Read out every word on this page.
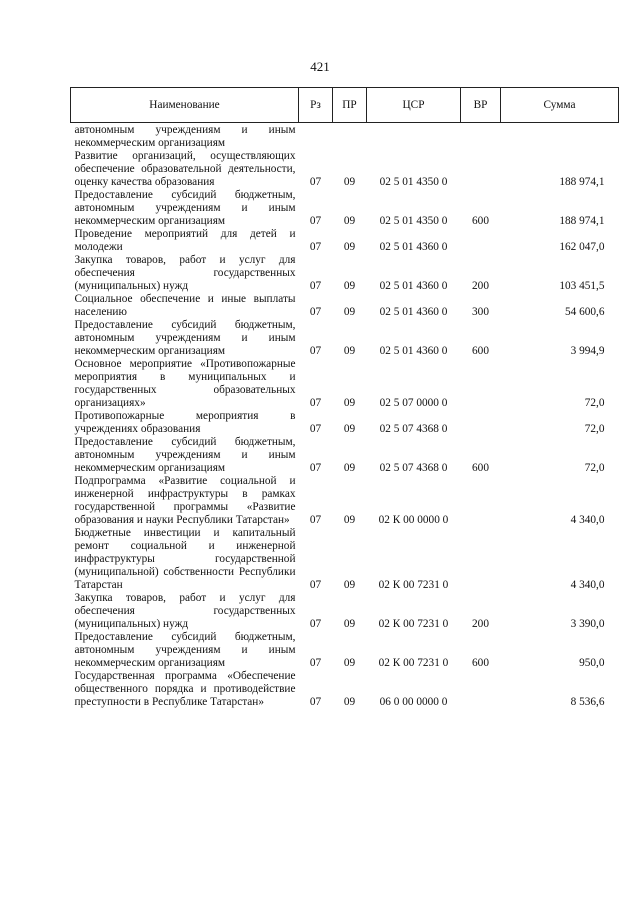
421
Наименование	Рз	ПР	ЦСР	ВР	Сумма
автономным учреждениям и иным некоммерческим организациям					
Развитие организаций, осуществляющих обеспечение образовательной деятельности, оценку качества образования	07	09	02 5 01 4350 0		188 974,1
Предоставление субсидий бюджетным, автономным учреждениям и иным некоммерческим организациям	07	09	02 5 01 4350 0	600	188 974,1
Проведение мероприятий для детей и молодежи	07	09	02 5 01 4360 0		162 047,0
Закупка товаров, работ и услуг для обеспечения государственных (муниципальных) нужд	07	09	02 5 01 4360 0	200	103 451,5
Социальное обеспечение и иные выплаты населению	07	09	02 5 01 4360 0	300	54 600,6
Предоставление субсидий бюджетным, автономным учреждениям и иным некоммерческим организациям	07	09	02 5 01 4360 0	600	3 994,9
Основное мероприятие «Противопожарные мероприятия в муниципальных и государственных образовательных организациях»	07	09	02 5 07 0000 0		72,0
Противопожарные мероприятия в учреждениях образования	07	09	02 5 07 4368 0		72,0
Предоставление субсидий бюджетным, автономным учреждениям и иным некоммерческим организациям	07	09	02 5 07 4368 0	600	72,0
Подпрограмма «Развитие социальной и инженерной инфраструктуры в рамках государственной программы «Развитие образования и науки Республики Татарстан»	07	09	02 К 00 0000 0		4 340,0
Бюджетные инвестиции и капитальный ремонт социальной и инженерной инфраструктуры государственной (муниципальной) собственности Республики Татарстан	07	09	02 К 00 7231 0		4 340,0
Закупка товаров, работ и услуг для обеспечения государственных (муниципальных) нужд	07	09	02 К 00 7231 0	200	3 390,0
Предоставление субсидий бюджетным, автономным учреждениям и иным некоммерческим организациям	07	09	02 К 00 7231 0	600	950,0
Государственная программа «Обеспечение общественного порядка и противодействие преступности в Республике Татарстан»	07	09	06 0 00 0000 0		8 536,6
